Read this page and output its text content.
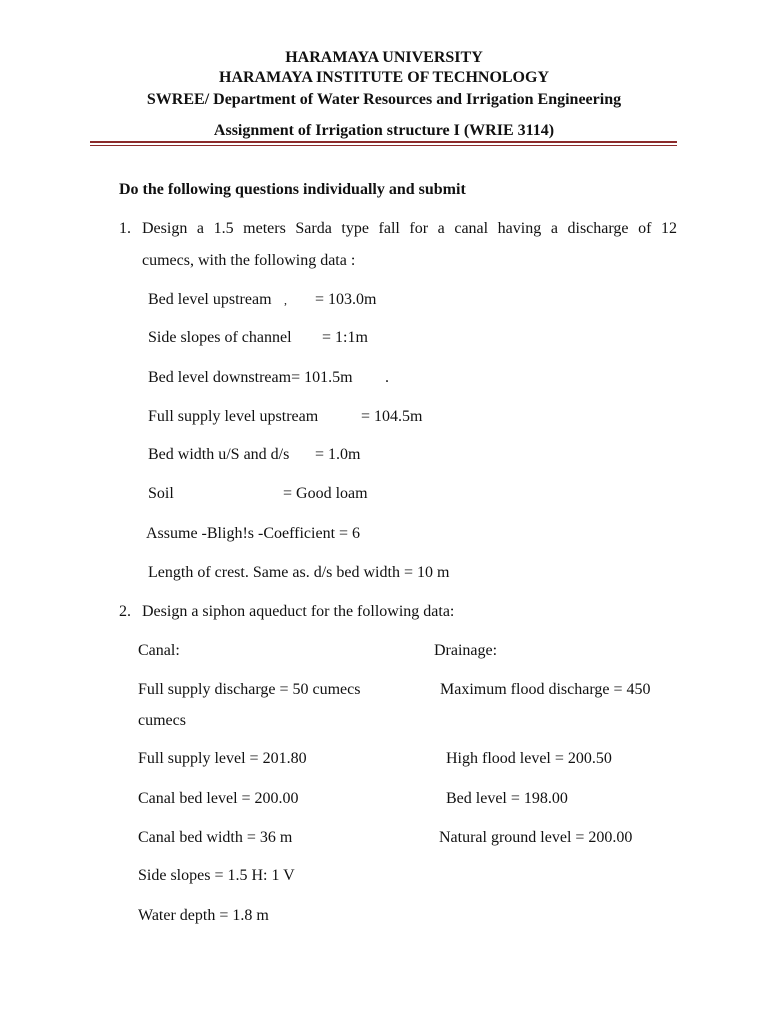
HARAMAYA UNIVERSITY
HARAMAYA INSTITUTE OF TECHNOLOGY
SWREE/ Department of Water Resources and Irrigation Engineering
Assignment of Irrigation structure I (WRIE 3114)
Do the following questions individually and submit
1. Design a 1.5 meters Sarda type fall for a canal having a discharge of 12
cumecs, with the following data :
Bed level upstream , = 103.0m
Side slopes of channel = 1:1m
Bed level downstream= 101.5m .
Full supply level upstream	= 104.5m
Bed width u/S and d/s = 1.0m
Soil	= Good loam
Assume -Bligh!s -Coefficient = 6
Length of crest. Same as. d/s bed width = 10 m
2. Design a siphon aqueduct for the following data:
Canal:	Drainage:
Full supply discharge = 50 cumecs	Maximum flood discharge = 450
cumecs
Full supply level = 201.80	High flood level = 200.50
Canal bed level = 200.00	Bed level = 198.00
Canal bed width = 36 m	Natural ground level = 200.00
Side slopes = 1.5 H: 1 V
Water depth = 1.8 m
